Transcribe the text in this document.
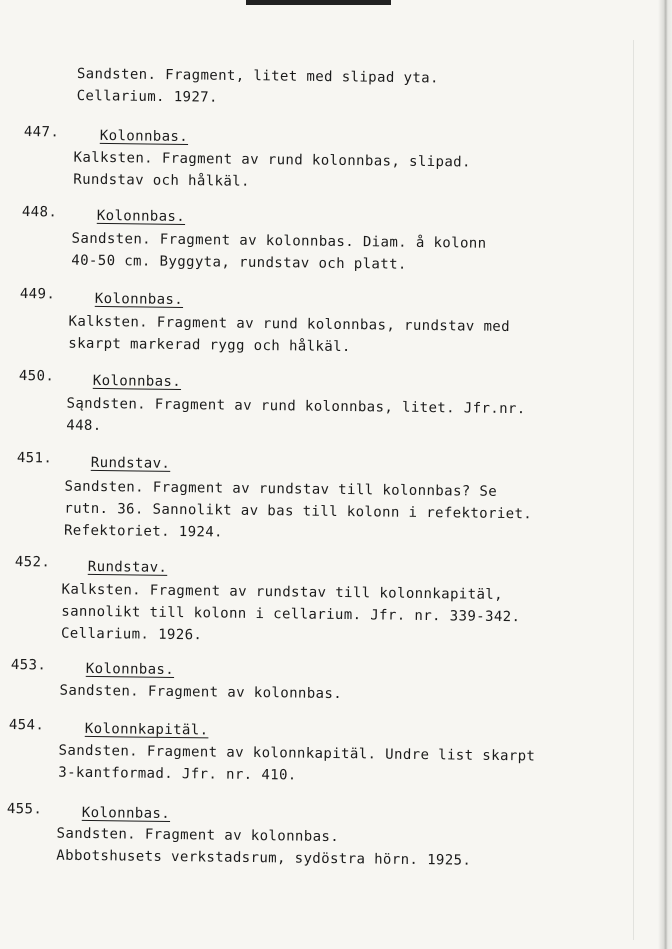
Sandsten. Fragment, litet med slipad yta.
Cellarium. 1927.
447.	Kolonnbas.
Kalksten. Fragment av rund kolonnbas, slipad.
Rundstav och hålkäl.
448.	Kolonnbas.
Sandsten. Fragment av kolonnbas. Diam. å kolonn
40-50 cm. Byggyta, rundstav och platt.
449.	Kolonnbas.
Kalksten. Fragment av rund kolonnbas, rundstav med
skarpt markerad rygg och hålkäl.
450.	Kolonnbas.
Sąndsten. Fragment av rund kolonnbas, litet. Jfr.nr.
448.
451.	Rundstav.
Sandsten. Fragment av rundstav till kolonnbas? Se
rutn. 36. Sannolikt av bas till kolonn i refektoriet.
Refektoriet. 1924.
452.	Rundstav.
Kalksten. Fragment av rundstav till kolonnkapitäl,
sannolikt till kolonn i cellarium. Jfr. nr. 339-342.
Cellarium. 1926.
453.	Kolonnbas.
Sandsten. Fragment av kolonnbas.
454.	Kolonnkapitäl.
Sandsten. Fragment av kolonnkapitäl. Undre list skarpt
3-kantformad. Jfr. nr. 410.
455.	Kolonnbas.
Sandsten. Fragment av kolonnbas.
Abbotshusets verkstadsrum, sydöstra hörn. 1925.
